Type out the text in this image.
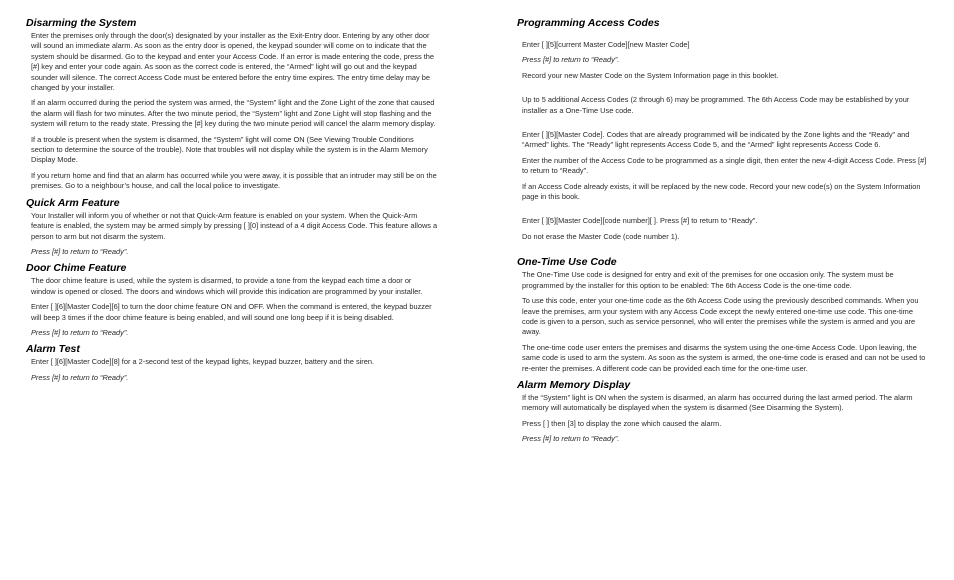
Disarming the System
Enter the premises only through the door(s) designated by your installer as the Exit-Entry door. Entering by any other door will sound an immediate alarm. As soon as the entry door is opened, the keypad sounder will come on to indicate that the system should be disarmed. Go to the keypad and enter your Access Code. If an error is made entering the code, press the [#] key and enter your code again. As soon as the correct code is entered, the “Armed” light will go out and the keypad sounder will silence. The correct Access Code must be entered before the entry time expires. The entry time delay may be changed by your installer.
If an alarm occurred during the period the system was armed, the “System” light and the Zone Light of the zone that caused the alarm will flash for two minutes. After the two minute period, the “System” light and Zone Light will stop flashing and the system will return to the ready state. Pressing the [#] key during the two minute period will cancel the alarm memory display.
If a trouble is present when the system is disarmed, the “System” light will come ON (See Viewing Trouble Conditions section to determine the source of the trouble). Note that troubles will not display while the system is in the Alarm Memory Display Mode.
If you return home and find that an alarm has occurred while you were away, it is possible that an intruder may still be on the premises. Go to a neighbour’s house, and call the local police to investigate.
Quick Arm Feature
Your Installer will inform you of whether or not that Quick-Arm feature is enabled on your system. When the Quick-Arm feature is enabled, the system may be armed simply by pressing [ ][0] instead of a 4 digit Access Code. This feature allows a person to arm but not disarm the system.
Press [#] to return to “Ready”.
Door Chime Feature
The door chime feature is used, while the system is disarmed, to provide a tone from the keypad each time a door or window is opened or closed. The doors and windows which will provide this indication are programmed by your installer.
Enter [ ][6][Master Code][6] to turn the door chime feature ON and OFF. When the command is entered, the keypad buzzer will beep 3 times if the door chime feature is being enabled, and will sound one long beep if it is being disabled.
Press [#] to return to “Ready”.
Alarm Test
Enter [ ][6][Master Code][8] for a 2-second test of the keypad lights, keypad buzzer, battery and the siren.
Press [#] to return to “Ready”.
Programming Access Codes
Enter [ ][5][current Master Code][new Master Code]
Press [#] to return to “Ready”.
Record your new Master Code on the System Information page in this booklet.
Up to 5 additional Access Codes (2 through 6) may be programmed. The 6th Access Code may be established by your installer as a One-Time Use code.
Enter [ ][5][Master Code]. Codes that are already programmed will be indicated by the Zone lights and the “Ready” and “Armed” lights. The “Ready” light represents Access Code 5, and the “Armed” light represents Access Code 6.
Enter the number of the Access Code to be programmed as a single digit, then enter the new 4-digit Access Code. Press [#] to return to “Ready”.
If an Access Code already exists, it will be replaced by the new code. Record your new code(s) on the System Information page in this book.
Enter [ ][5][Master Code][code number][ ]. Press [#] to return to “Ready”.
Do not erase the Master Code (code number 1).
One-Time Use Code
The One-Time Use code is designed for entry and exit of the premises for one occasion only. The system must be programmed by the installer for this option to be enabled: The 6th Access Code is the one-time code.
To use this code, enter your one-time code as the 6th Access Code using the previously described commands. When you leave the premises, arm your system with any Access Code except the newly entered one-time use code. This one-time code is given to a person, such as service personnel, who will enter the premises while the system is armed and you are away.
The one-time code user enters the premises and disarms the system using the one-time Access Code. Upon leaving, the same code is used to arm the system. As soon as the system is armed, the one-time code is erased and can not be used to re-enter the premises. A different code can be provided each time for the one-time user.
Alarm Memory Display
If the “System” light is ON when the system is disarmed, an alarm has occurred during the last armed period. The alarm memory will automatically be displayed when the system is disarmed (See Disarming the System).
Press [ ] then [3] to display the zone which caused the alarm.
Press [#] to return to “Ready”.
